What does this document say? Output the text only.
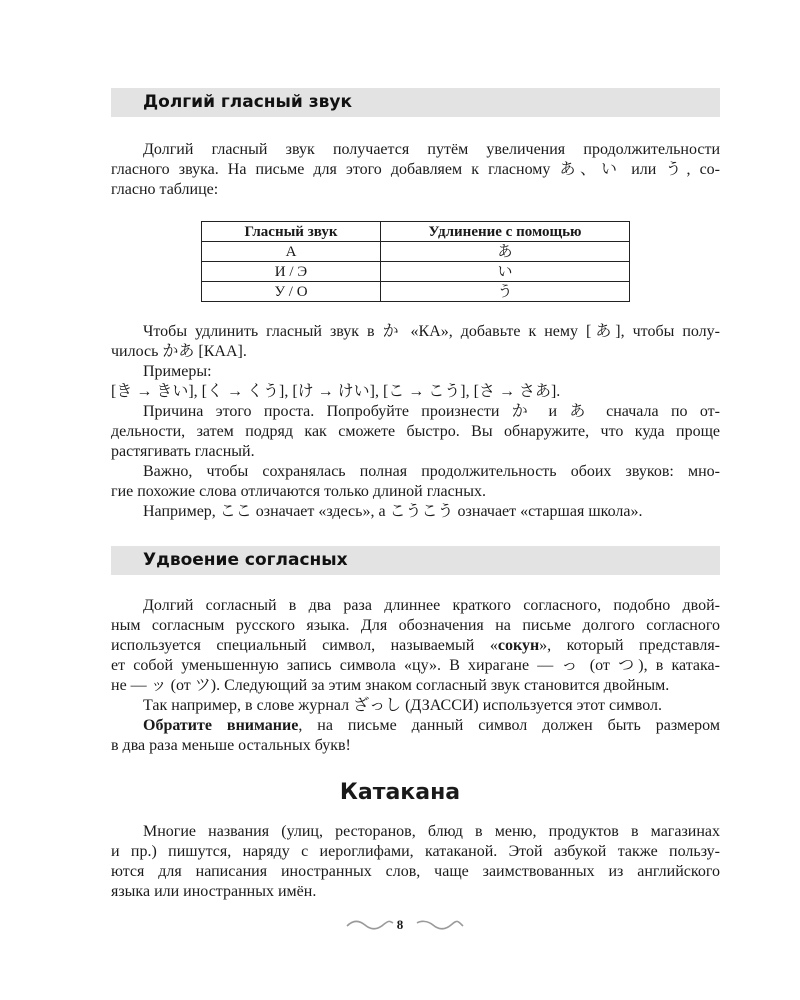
Долгий гласный звук
Долгий гласный звук получается путём увеличения продолжительности
гласного звука. На письме для этого добавляем к гласному あ、い или う, со-
гласно таблице:
Гласный звук	Удлинение с помощью
А	あ
И / Э	い
У / О	う
Чтобы удлинить гласный звук в か «КА», добавьте к нему [あ], чтобы полу-
чилось かあ [КАА].
Примеры:
[き → きい], [く → くう], [け → けい], [こ → こう], [さ → さあ].
Причина этого проста. Попробуйте произнести か и あ сначала по от-
дельности, затем подряд как сможете быстро. Вы обнаружите, что куда проще
растягивать гласный.
Важно, чтобы сохранялась полная продолжительность обоих звуков: мно-
гие похожие слова отличаются только длиной гласных.
Например, ここ означает «здесь», а こうこう означает «старшая школа».
Удвоение согласных
Долгий согласный в два раза длиннее краткого согласного, подобно двой-
ным согласным русского языка. Для обозначения на письме долгого согласного
используется специальный символ, называемый «сокун», который представля-
ет собой уменьшенную запись символа «цу». В хирагане — っ (от つ), в катака-
не — ッ (от ツ). Следующий за этим знаком согласный звук становится двойным.
Так например, в слове журнал ざっし (ДЗАССИ) используется этот символ.
Обратите внимание, на письме данный символ должен быть размером
в два раза меньше остальных букв!
Катакана
Многие названия (улиц, ресторанов, блюд в меню, продуктов в магазинах
и пр.) пишутся, наряду с иероглифами, катаканой. Этой азбукой также пользу-
ются для написания иностранных слов, чаще заимствованных из английского
языка или иностранных имён.
8
